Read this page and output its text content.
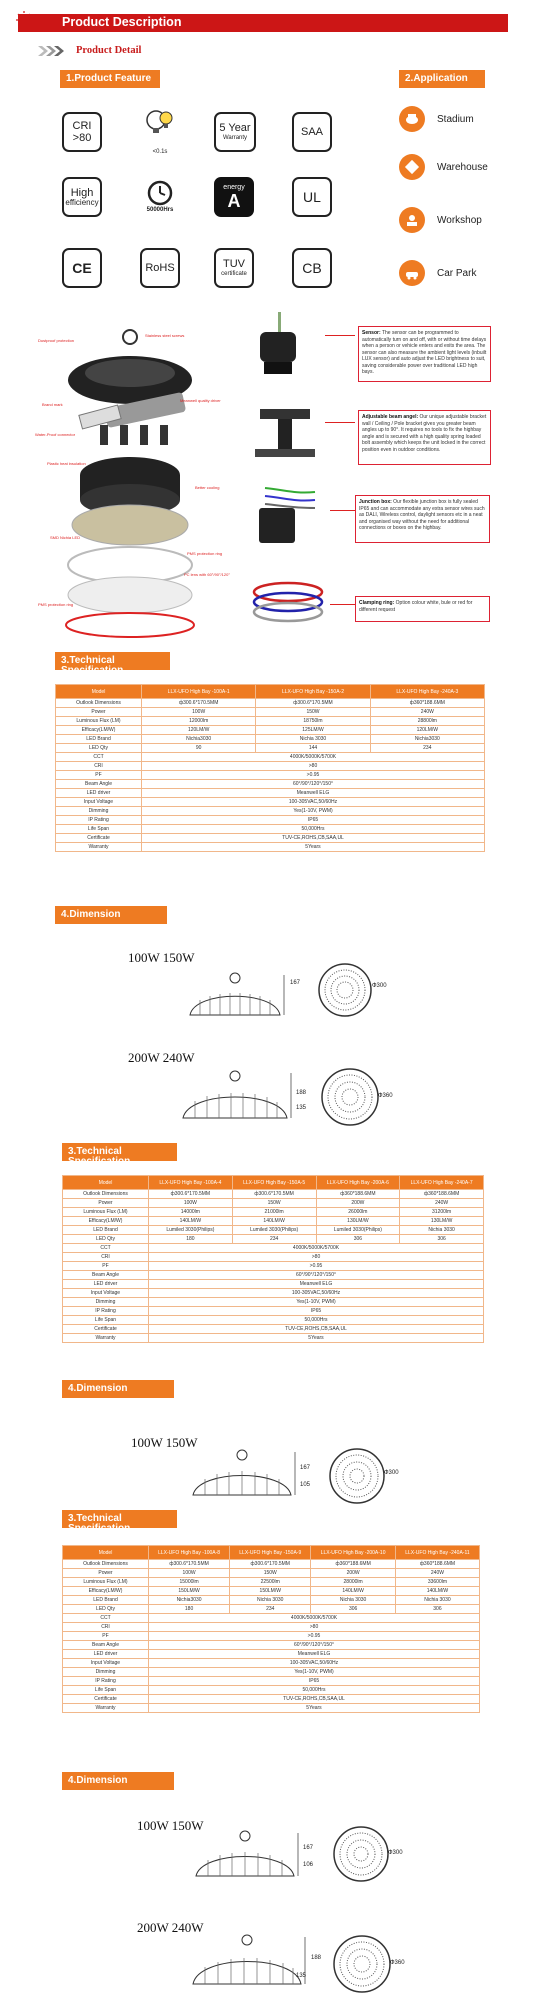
Product Description
Product Detail
1.Product Feature	2.Application
CRI
>80
<0.1s
5 Year
Warranty	SAA
High
efficiency
50000Hrs
energy
A	UL
CE	RoHS	TUV
certificate	CB
Stadium
Warehouse
Workshop
Car Park
Stainless steel screws
Dustproof protection
Brand mark
Water-Proof connector
Meanwell quality driver
Plastic heat insulation
Better cooling
SMD Nichia LED
PMS protection ring
PC lens with 60°/90°/120°
PMS protection ring
Sensor: The sensor can be programmed to automatically turn on and off, with or without time delays when a person or vehicle enters and exits the area. The sensor can also measure the ambient light levels (inbuilt LUX sensor) and auto adjust the LED brightness to suit, saving considerable power over traditional LED high bays.
Adjustable beam angel: Our unique adjustable bracket wall / Ceiling / Pole bracket gives you greater beam angles up to 90°. It requires no tools to fix the highbay angle and is secured with a high quality spring loaded bolt assembly which keeps the unit locked in the correct position even in outdoor conditions.
Junction box: Our flexible junction box is fully sealed IP65 and can accommodate any extra sensor wires such as DALI, Wireless control, daylight sensors etc in a neat and organised way without the need for additional connections or boxes on the highbay.
Clamping ring: Option colour white, bule or red for different request
3.Technical Specification
Model	LLX-UFO High Bay -100A-1	LLX-UFO High Bay -150A-2	LLX-UFO High Bay -240A-3
Outlook Dimensions	ф300.6*170.5MM	ф300.6*170.5MM	ф360*188.6MM
Power	100W	150W	240W
Luminous Flux (LM)	12000lm	18750lm	28800lm
Efficacy(LM/W)	120LM/W	125LM/W	120LM/W
LED Brand	Nichia3030	Nichia 3030	Nichia3030
LED Qty	90	144	234
CCT	4000K/5000K/5700K		
CRI	>80		
PF	>0.95		
Beam Angle	60°/90°/120°/150°		
LED driver	Meanwell ELG		
Input Voltage	100-305VAC,50/60Hz		
Dimming	Yes(1-10V, PWM)		
IP Rating	IP65		
Life Span	50,000Hrs		
Certificate	TUV-CE,ROHS,CB,SAA,UL		
Warranty	5Years		
4.Dimension
100W 150W
167	Ф300
200W 240W
188
135
Ф360
3.Technical Specification
Model	LLX-UFO High Bay -100A-4	LLX-UFO High Bay -150A-5	LLX-UFO High Bay -200A-6	LLX-UFO High Bay -240A-7
Outlook Dimensions	ф300.6*170.5MM	ф300.6*170.5MM	ф360*188.6MM	ф360*188.6MM
Power	100W	150W	200W	240W
Luminous Flux (LM)	14000lm	21000lm	26000lm	31200lm
Efficacy(LM/W)	140LM/W	140LM/W	130LM/W	130LM/W
LED Brand	Lumiled 3030(Philips)	Lumiled 3030(Philips)	Lumiled 3030(Philips)	Nichia 3030
LED Qty	180	234	306	306
CCT	4000K/5000K/5700K			
CRI	>80			
PF	>0.95			
Beam Angle	60°/90°/120°/150°			
LED driver	Meanwell ELG			
Input Voltage	100-305VAC,50/60Hz			
Dimming	Yes(1-10V, PWM)			
IP Rating	IP65			
Life Span	50,000Hrs			
Certificate	TUV-CE,ROHS,CB,SAA,UL			
Warranty	5Years			
4.Dimension
100W 150W
167
105
Ф300
3.Technical Specification
Model	LLX-UFO High Bay -100A-8	LLX-UFO High Bay -150A-9	LLX-UFO High Bay -200A-10	LLX-UFO High Bay -240A-11
Outlook Dimensions	ф300.6*170.5MM	ф300.6*170.5MM	ф360*188.6MM	ф360*188.6MM
Power	100W	150W	200W	240W
Luminous Flux (LM)	15000lm	22500lm	28000lm	33600lm
Efficacy(LM/W)	150LM/W	150LM/W	140LM/W	140LM/W
LED Brand	Nichia3030	Nichia 3030	Nichia 3030	Nichia 3030
LED Qty	180	234	306	306
CCT	4000K/5000K/5700K			
CRI	>80			
PF	>0.95			
Beam Angle	60°/90°/120°/150°			
LED driver	Meanwell ELG			
Input Voltage	100-305VAC,50/60Hz			
Dimming	Yes(1-10V, PWM)			
IP Rating	IP65			
Life Span	50,000Hrs			
Certificate	TUV-CE,ROHS,CB,SAA,UL			
Warranty	5Years			
4.Dimension
100W 150W
167
106
Ф300
200W 240W
188
135
Ф360
